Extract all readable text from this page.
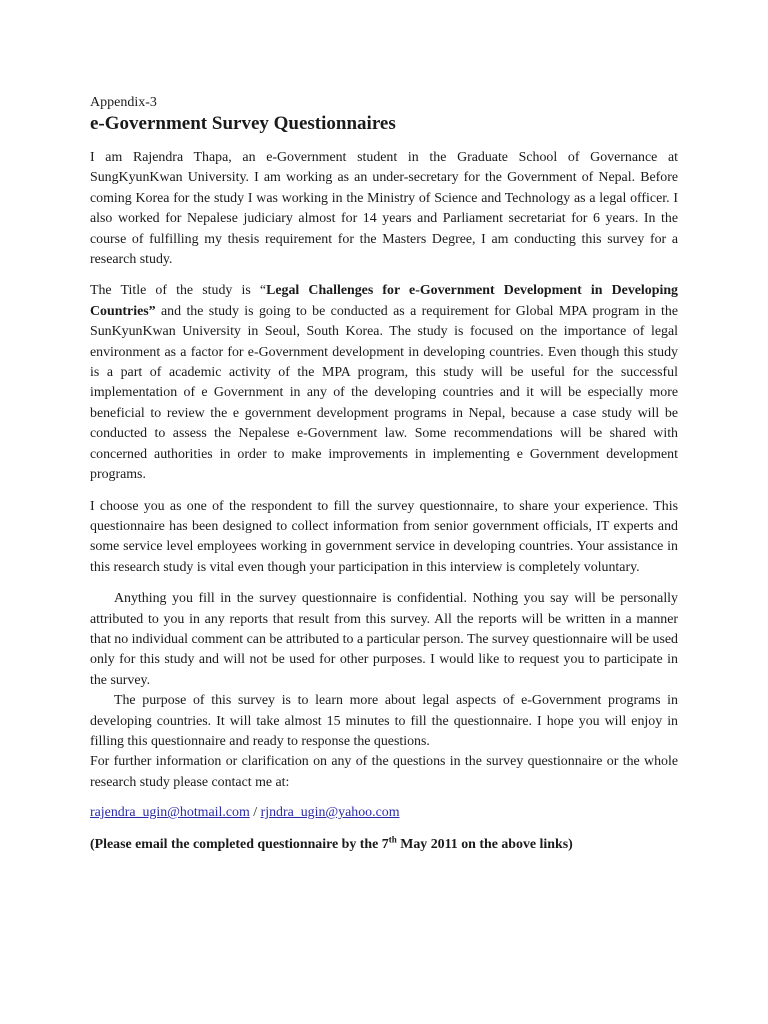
Appendix-3
e-Government Survey Questionnaires

I am Rajendra Thapa, an e-Government student in the Graduate School of Governance at SungKyunKwan University. I am working as an under-secretary for the Government of Nepal. Before coming Korea for the study I was working in the Ministry of Science and Technology as a legal officer. I also worked for Nepalese judiciary almost for 14 years and Parliament secretariat for 6 years. In the course of fulfilling my thesis requirement for the Masters Degree, I am conducting this survey for a research study.

The Title of the study is “Legal Challenges for e-Government Development in Developing Countries” and the study is going to be conducted as a requirement for Global MPA program in the SunKyunKwan University in Seoul, South Korea. The study is focused on the importance of legal environment as a factor for e-Government development in developing countries. Even though this study is a part of academic activity of the MPA program, this study will be useful for the successful implementation of e Government in any of the developing countries and it will be especially more beneficial to review the e government development programs in Nepal, because a case study will be conducted to assess the Nepalese e-Government law. Some recommendations will be shared with concerned authorities in order to make improvements in implementing e Government development programs.

I choose you as one of the respondent to fill the survey questionnaire, to share your experience. This questionnaire has been designed to collect information from senior government officials, IT experts and some service level employees working in government service in developing countries. Your assistance in this research study is vital even though your participation in this interview is completely voluntary.

Anything you fill in the survey questionnaire is confidential. Nothing you say will be personally attributed to you in any reports that result from this survey. All the reports will be written in a manner that no individual comment can be attributed to a particular person. The survey questionnaire will be used only for this study and will not be used for other purposes. I would like to request you to participate in the survey.

The purpose of this survey is to learn more about legal aspects of e-Government programs in developing countries. It will take almost 15 minutes to fill the questionnaire. I hope you will enjoy in filling this questionnaire and ready to response the questions.

For further information or clarification on any of the questions in the survey questionnaire or the whole research study please contact me at:

rajendra_ugin@hotmail.com / rjndra_ugin@yahoo.com
(Please email the completed questionnaire by the 7th May 2011 on the above links)
